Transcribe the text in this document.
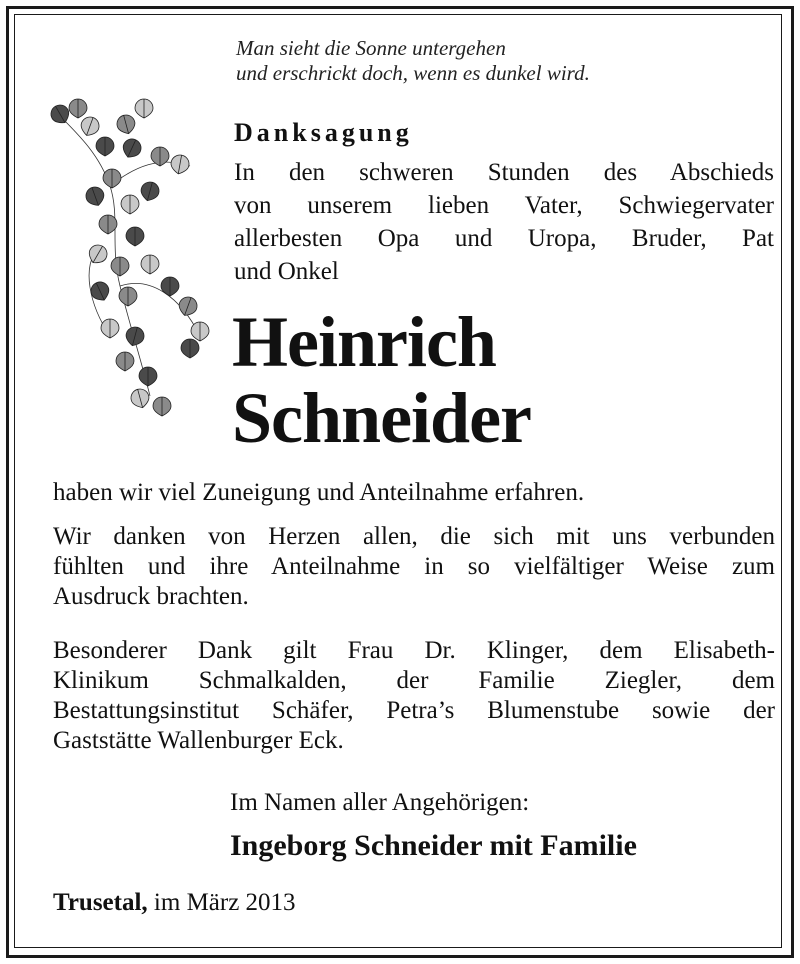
Man sieht die Sonne untergehen
und erschrickt doch, wenn es dunkel wird.
Danksagung
In den schweren Stunden des Abschieds
von unserem lieben Vater, Schwiegervater
allerbesten Opa und Uropa, Bruder, Pat
und Onkel
Heinrich
Schneider
haben wir viel Zuneigung und Anteilnahme erfahren.
Wir danken von Herzen allen, die sich mit uns verbunden
fühlten und ihre Anteilnahme in so vielfältiger Weise zum
Ausdruck brachten.
Besonderer Dank gilt Frau Dr. Klinger, dem Elisabeth-
Klinikum Schmalkalden, der Familie Ziegler, dem
Bestattungsinstitut Schäfer, Petra’s Blumenstube sowie der
Gaststätte Wallenburger Eck.
Im Namen aller Angehörigen:
Ingeborg Schneider mit Familie
Trusetal, im März 2013
